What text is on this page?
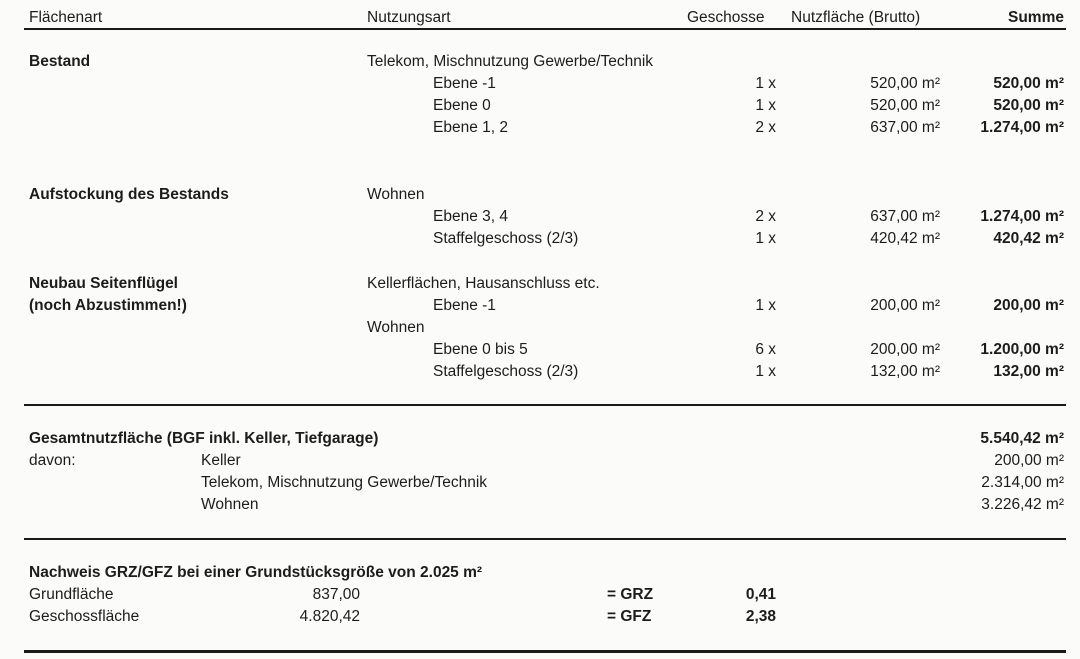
Flächenart	Nutzungsart	Geschosse Nutzfläche (Brutto)	Summe
Bestand	Telekom, Mischnutzung Gewerbe/Technik
Ebene -1	1 x	520,00 m²	520,00 m²
Ebene 0	1 x	520,00 m²	520,00 m²
Ebene 1, 2	2 x	637,00 m²	1.274,00 m²
Aufstockung des Bestands	Wohnen
Ebene 3, 4	2 x	637,00 m²	1.274,00 m²
Staffelgeschoss (2/3)	1 x	420,42 m²	420,42 m²
Neubau Seitenflügel
(noch Abzustimmen!)
Kellerflächen, Hausanschluss etc.
Ebene -1	1 x	200,00 m²	200,00 m²
Wohnen
Ebene 0 bis 5	6 x	200,00 m²	1.200,00 m²
Staffelgeschoss (2/3)	1 x	132,00 m²	132,00 m²
Gesamtnutzfläche (BGF inkl. Keller, Tiefgarage)	5.540,42 m²
davon:	Keller	200,00 m²
Telekom, Mischnutzung Gewerbe/Technik	2.314,00 m²
Wohnen	3.226,42 m²
Nachweis GRZ/GFZ bei einer Grundstücksgröße von 2.025 m²
Grundfläche	837,00	= GRZ	0,41
Geschossfläche	4.820,42	= GFZ	2,38
